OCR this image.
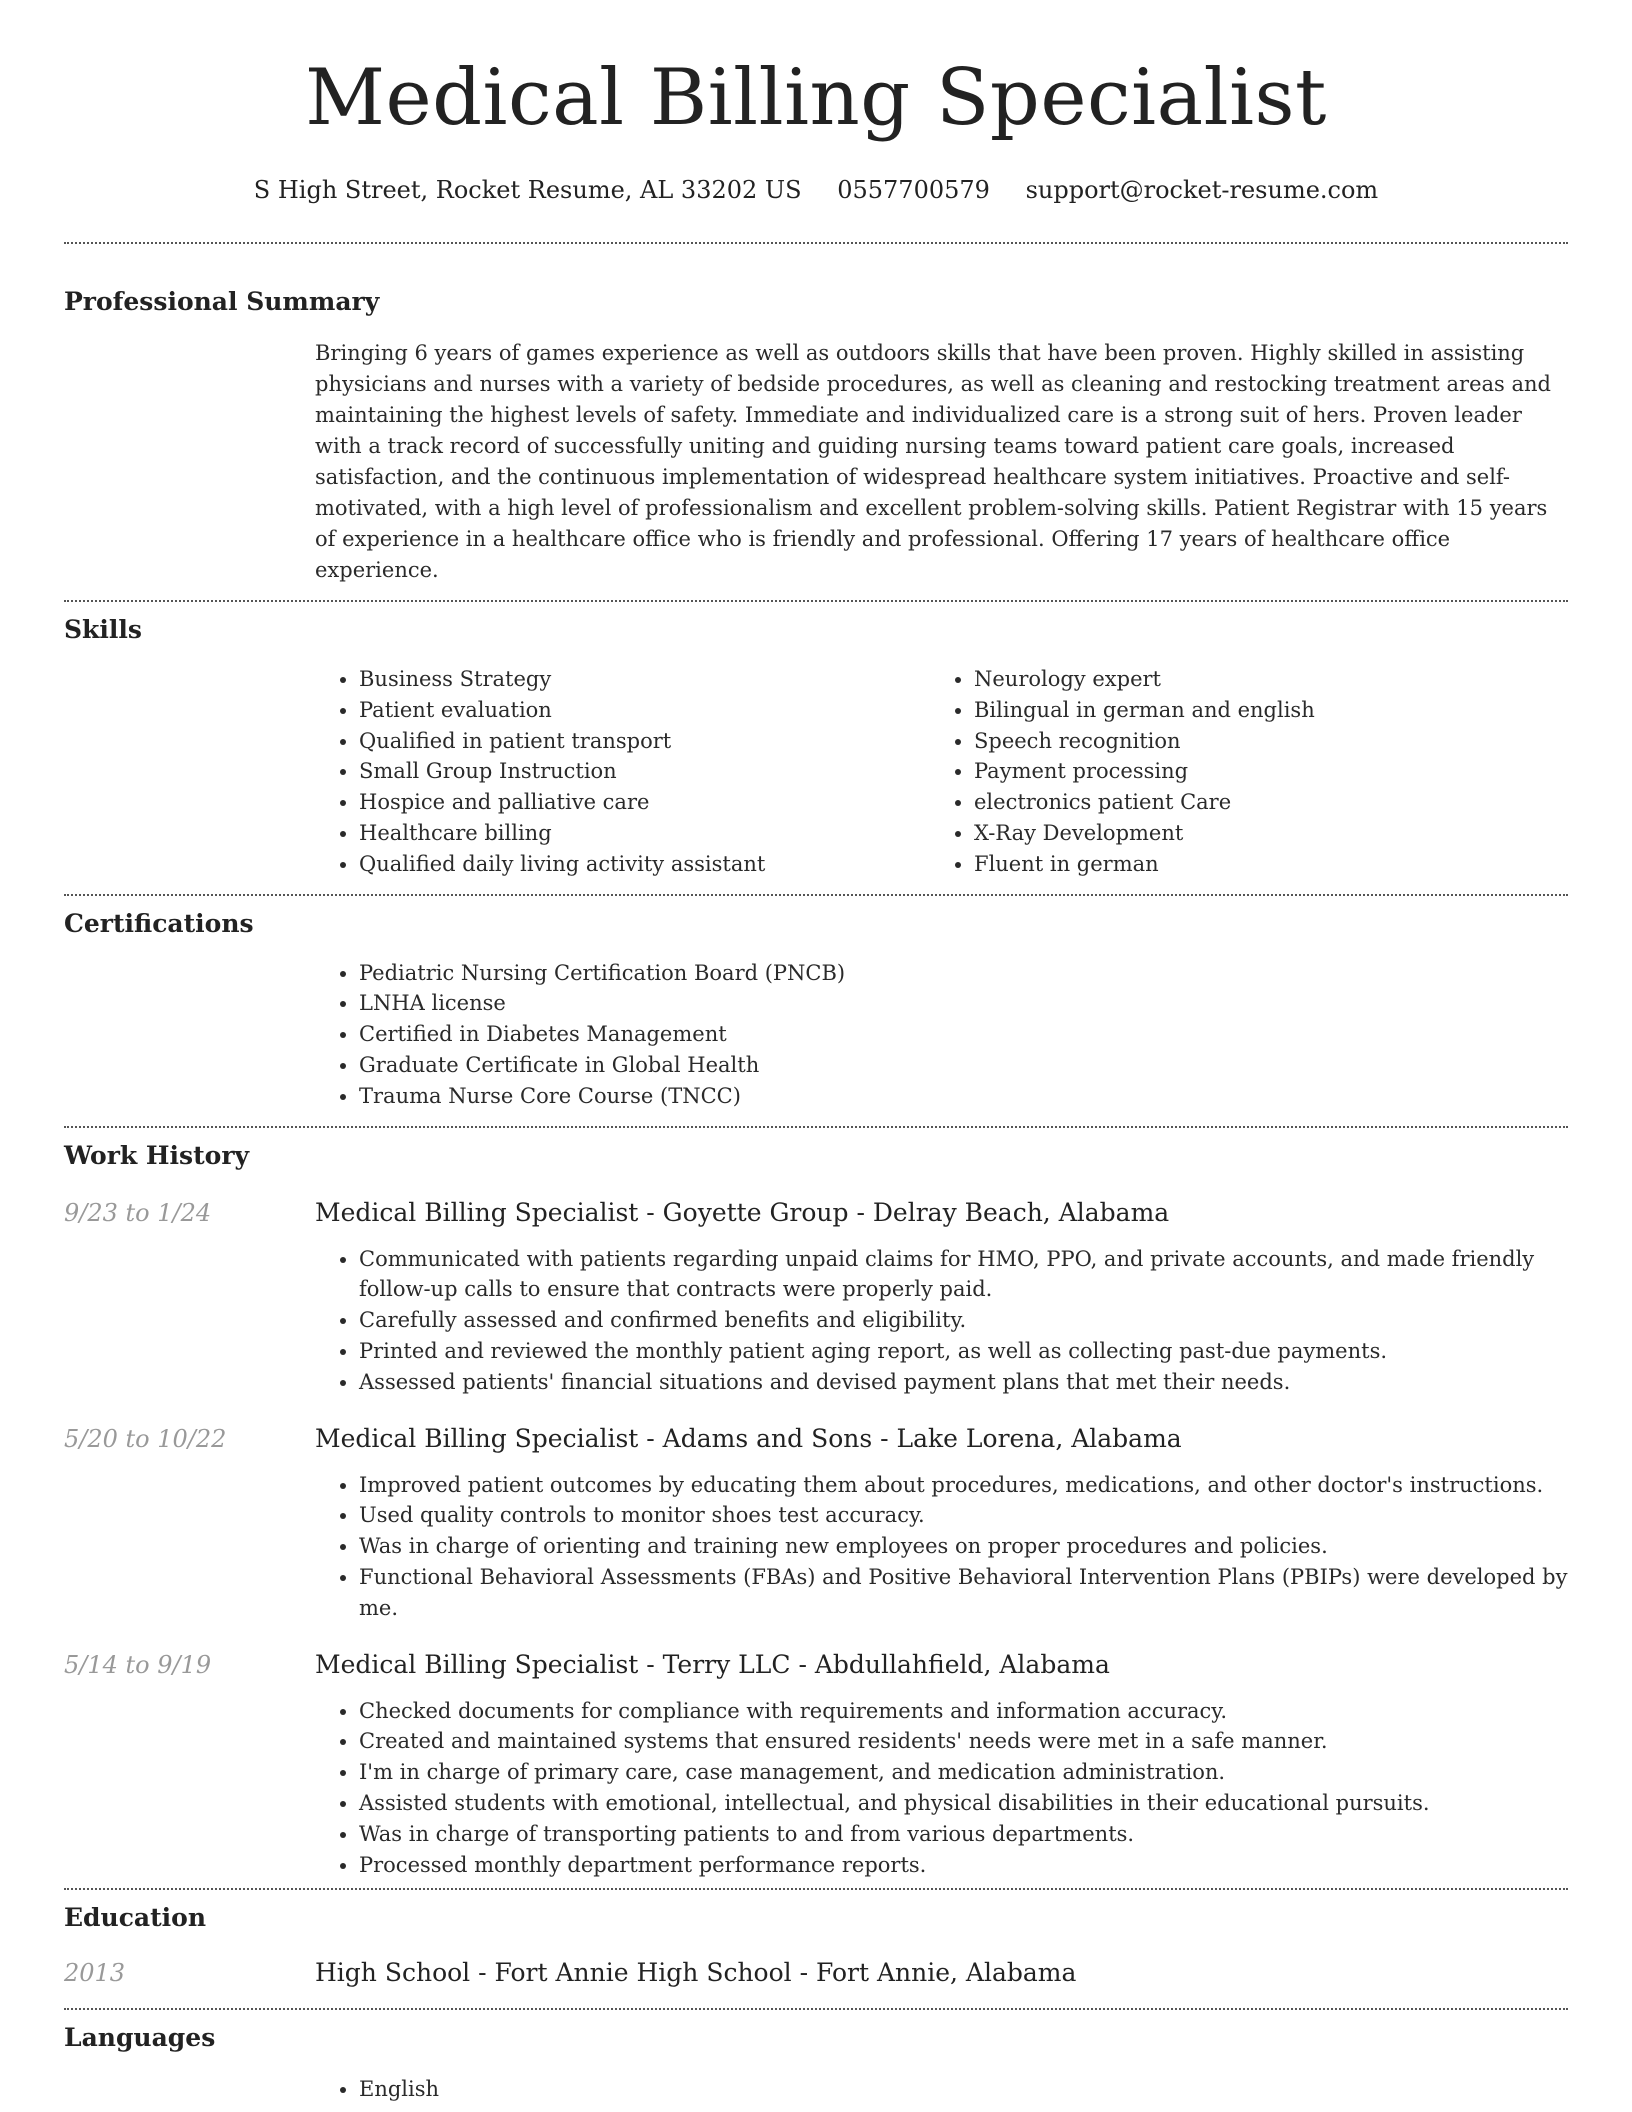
Medical Billing Specialist
S High Street, Rocket Resume, AL 33202 US 0557700579 support@rocket-resume.com
Professional Summary
Bringing 6 years of games experience as well as outdoors skills that have been proven. Highly skilled in assisting physicians and nurses with a variety of bedside procedures, as well as cleaning and restocking treatment areas and maintaining the highest levels of safety. Immediate and individualized care is a strong suit of hers. Proven leader with a track record of successfully uniting and guiding nursing teams toward patient care goals, increased satisfaction, and the continuous implementation of widespread healthcare system initiatives. Proactive and self-motivated, with a high level of professionalism and excellent problem-solving skills. Patient Registrar with 15 years of experience in a healthcare office who is friendly and professional. Offering 17 years of healthcare office experience.
Skills
• Business Strategy
• Patient evaluation
• Qualified in patient transport
• Small Group Instruction
• Hospice and palliative care
• Healthcare billing
• Qualified daily living activity assistant
• Neurology expert
• Bilingual in german and english
• Speech recognition
• Payment processing
• electronics patient Care
• X-Ray Development
• Fluent in german
Certifications
• Pediatric Nursing Certification Board (PNCB)
• LNHA license
• Certified in Diabetes Management
• Graduate Certificate in Global Health
• Trauma Nurse Core Course (TNCC)
Work History
9/23 to 1/24	Medical Billing Specialist - Goyette Group - Delray Beach, Alabama
• Communicated with patients regarding unpaid claims for HMO, PPO, and private accounts, and made friendly follow-up calls to ensure that contracts were properly paid.
• Carefully assessed and confirmed benefits and eligibility.
• Printed and reviewed the monthly patient aging report, as well as collecting past-due payments.
• Assessed patients' financial situations and devised payment plans that met their needs.
5/20 to 10/22	Medical Billing Specialist - Adams and Sons - Lake Lorena, Alabama
• Improved patient outcomes by educating them about procedures, medications, and other doctor's instructions.
• Used quality controls to monitor shoes test accuracy.
• Was in charge of orienting and training new employees on proper procedures and policies.
• Functional Behavioral Assessments (FBAs) and Positive Behavioral Intervention Plans (PBIPs) were developed by me.
5/14 to 9/19	Medical Billing Specialist - Terry LLC - Abdullahfield, Alabama
• Checked documents for compliance with requirements and information accuracy.
• Created and maintained systems that ensured residents' needs were met in a safe manner.
• I'm in charge of primary care, case management, and medication administration.
• Assisted students with emotional, intellectual, and physical disabilities in their educational pursuits.
• Was in charge of transporting patients to and from various departments.
• Processed monthly department performance reports.
Education
2013	High School - Fort Annie High School - Fort Annie, Alabama
Languages
• English
